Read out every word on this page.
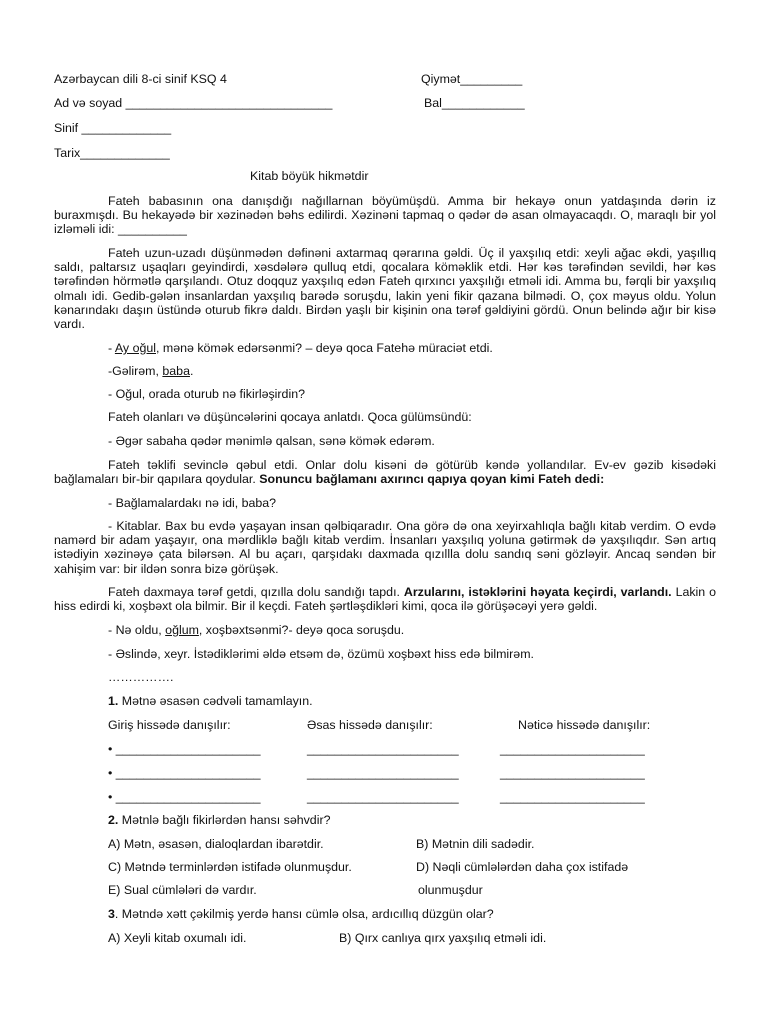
Azərbaycan dili 8-ci sinif KSQ 4	Qiymət_________
Ad və soyad ______________________________	Bal____________
Sinif _____________
Tarix_____________
Kitab böyük hikmətdir
Fateh babasının ona danışdığı nağıllarnan böyümüşdü. Amma bir hekayə onun yatdaşında dərin iz buraxmışdı. Bu hekayədə bir xəzinədən bəhs edilirdi. Xəzinəni tapmaq o qədər də asan olmayacaqdı. O, maraqlı bir yol izləməli idi: __________
Fateh uzun-uzadı düşünmədən dəfinəni axtarmaq qərarına gəldi. Üç il yaxşılıq etdi: xeyli ağac əkdi, yaşıllıq saldı, paltarsız uşaqları geyindirdi, xəsdələrə qulluq etdi, qocalara köməklik etdi. Hər kəs tərəfindən sevildi, hər kəs tərəfindən hörmətlə qarşılandı. Otuz doqquz yaxşılıq edən Fateh qırxıncı yaxşılığı etməli idi. Amma bu, fərqli bir yaxşılıq olmalı idi. Gedib-gələn insanlardan yaxşılıq barədə soruşdu, lakin yeni fikir qazana bilmədi. O, çox məyus oldu. Yolun kənarındakı daşın üstündə oturub fikrə daldı. Birdən yaşlı bir kişinin ona tərəf gəldiyini gördü. Onun belində ağır bir kisə vardı.
- Ay oğul, mənə kömək edərsənmi? – deyə qoca Fatehə müraciət etdi.
-Gəlirəm, baba.
- Oğul, orada oturub nə fikirləşirdin?
Fateh olanları və düşüncələrini qocaya anlatdı. Qoca gülümsündü:
- Əgər sabaha qədər mənimlə qalsan, sənə kömək edərəm.
Fateh təklifi sevinclə qəbul etdi. Onlar dolu kisəni də götürüb kəndə yollandılar. Ev-ev gəzib kisədəki bağlamaları bir-bir qapılara qoydular. Sonuncu bağlamanı axırıncı qapıya qoyan kimi Fateh dedi:
- Bağlamalardakı nə idi, baba?
- Kitablar. Bax bu evdə yaşayan insan qəlbiqaradır. Ona görə də ona xeyirxahlıqla bağlı kitab verdim. O evdə namərd bir adam yaşayır, ona mərdliklə bağlı kitab verdim. İnsanları yaxşılıq yoluna gətirmək də yaxşılıqdır. Sən artıq istədiyin xəzinəyə çata bilərsən. Al bu açarı, qarşıdakı daxmada qızıllla dolu sandıq səni gözləyir. Ancaq səndən bir xahişim var: bir ildən sonra bizə görüşək.
Fateh daxmaya tərəf getdi, qızılla dolu sandığı tapdı. Arzularını, istəklərini həyata keçirdi, varlandı. Lakin o hiss edirdi ki, xoşbəxt ola bilmir. Bir il keçdi. Fateh şərtləşdikləri kimi, qoca ilə görüşəcəyi yerə gəldi.
- Nə oldu, oğlum, xoşbəxtsənmi?- deyə qoca soruşdu.
- Əslində, xeyr. İstədiklərimi əldə etsəm də, özümü xoşbəxt hiss edə bilmirəm.
…………….
1. Mətnə əsasən cədvəli tamamlayın.
Giriş hissədə danışılır:	Əsas hissədə danışılır:	Nəticə hissədə danışılır:
• _____________________	______________________	_____________________
• _____________________	______________________	_____________________
• _____________________	______________________	_____________________
2. Mətnlə bağlı fikirlərdən hansı səhvdir?
A) Mətn, əsasən, dialoqlardan ibarətdir.	B) Mətnin dili sadədir.
C) Mətndə terminlərdən istifadə olunmuşdur.	D) Nəqli cümlələrdən daha çox istifadə
E) Sual cümlələri də vardır.	olunmuşdur
3. Mətndə xətt çəkilmiş yerdə hansı cümlə olsa, ardıcıllıq düzgün olar?
A) Xeyli kitab oxumalı idi.	B) Qırx canlıya qırx yaxşılıq etməli idi.
